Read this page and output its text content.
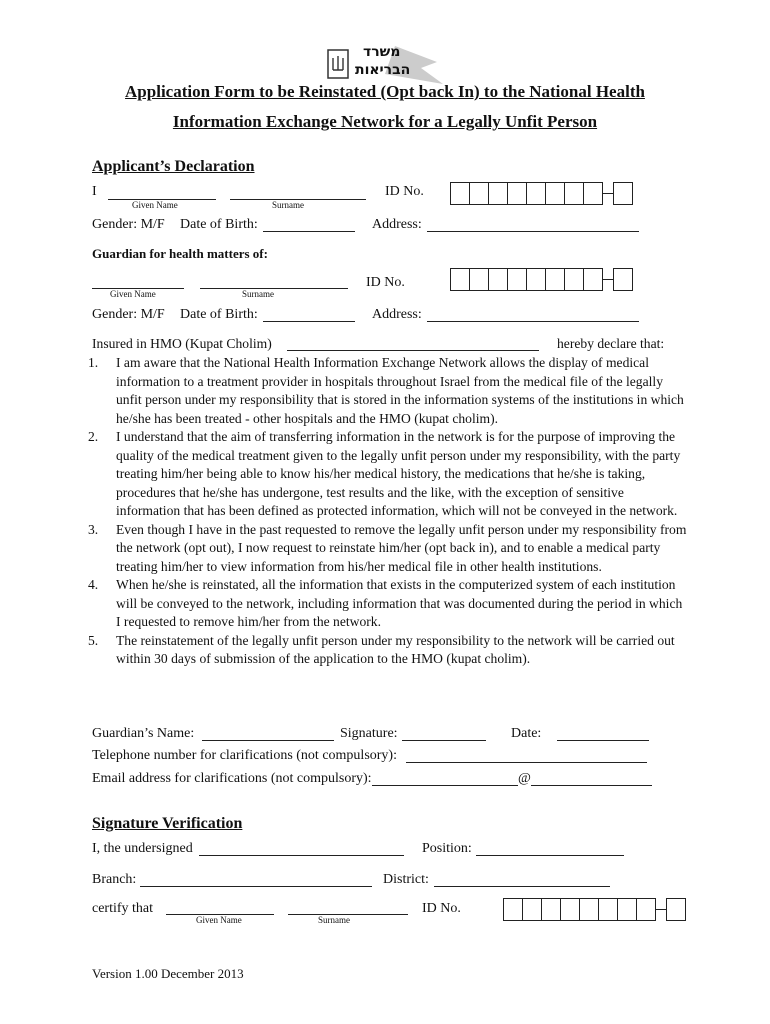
משרד
הבריאות
Application Form to be Reinstated (Opt back In) to the National Health
Information Exchange Network for a Legally Unfit Person
Applicant’s Declaration
I
Given Name	Surname
ID No.
Gender: M/F Date of Birth:	Address:
Guardian for health matters of:
Given Name	Surname
ID No.
Gender: M/F Date of Birth:	Address:
Insured in HMO (Kupat Cholim)	hereby declare that:
1. I am aware that the National Health Information Exchange Network allows the display of medical information to a treatment provider in hospitals throughout Israel from the medical file of the legally unfit person under my responsibility that is stored in the information systems of the institutions in which he/she has been treated - other hospitals and the HMO (kupat cholim).
2. I understand that the aim of transferring information in the network is for the purpose of improving the quality of the medical treatment given to the legally unfit person under my responsibility, with the party treating him/her being able to know his/her medical history, the medications that he/she is taking, procedures that he/she has undergone, test results and the like, with the exception of sensitive information that has been defined as protected information, which will not be conveyed in the network.
3. Even though I have in the past requested to remove the legally unfit person under my responsibility from the network (opt out), I now request to reinstate him/her (opt back in), and to enable a medical party treating him/her to view information from his/her medical file in other health institutions.
4. When he/she is reinstated, all the information that exists in the computerized system of each institution will be conveyed to the network, including information that was documented during the period in which I requested to remove him/her from the network.
5. The reinstatement of the legally unfit person under my responsibility to the network will be carried out within 30 days of submission of the application to the HMO (kupat cholim).
Guardian’s Name:	Signature:	Date:
Telephone number for clarifications (not compulsory):
Email address for clarifications (not compulsory):	@
Signature Verification
I, the undersigned	Position:
Branch:	District:
certify that
Given Name	Surname
ID No.
Version 1.00 December 2013
